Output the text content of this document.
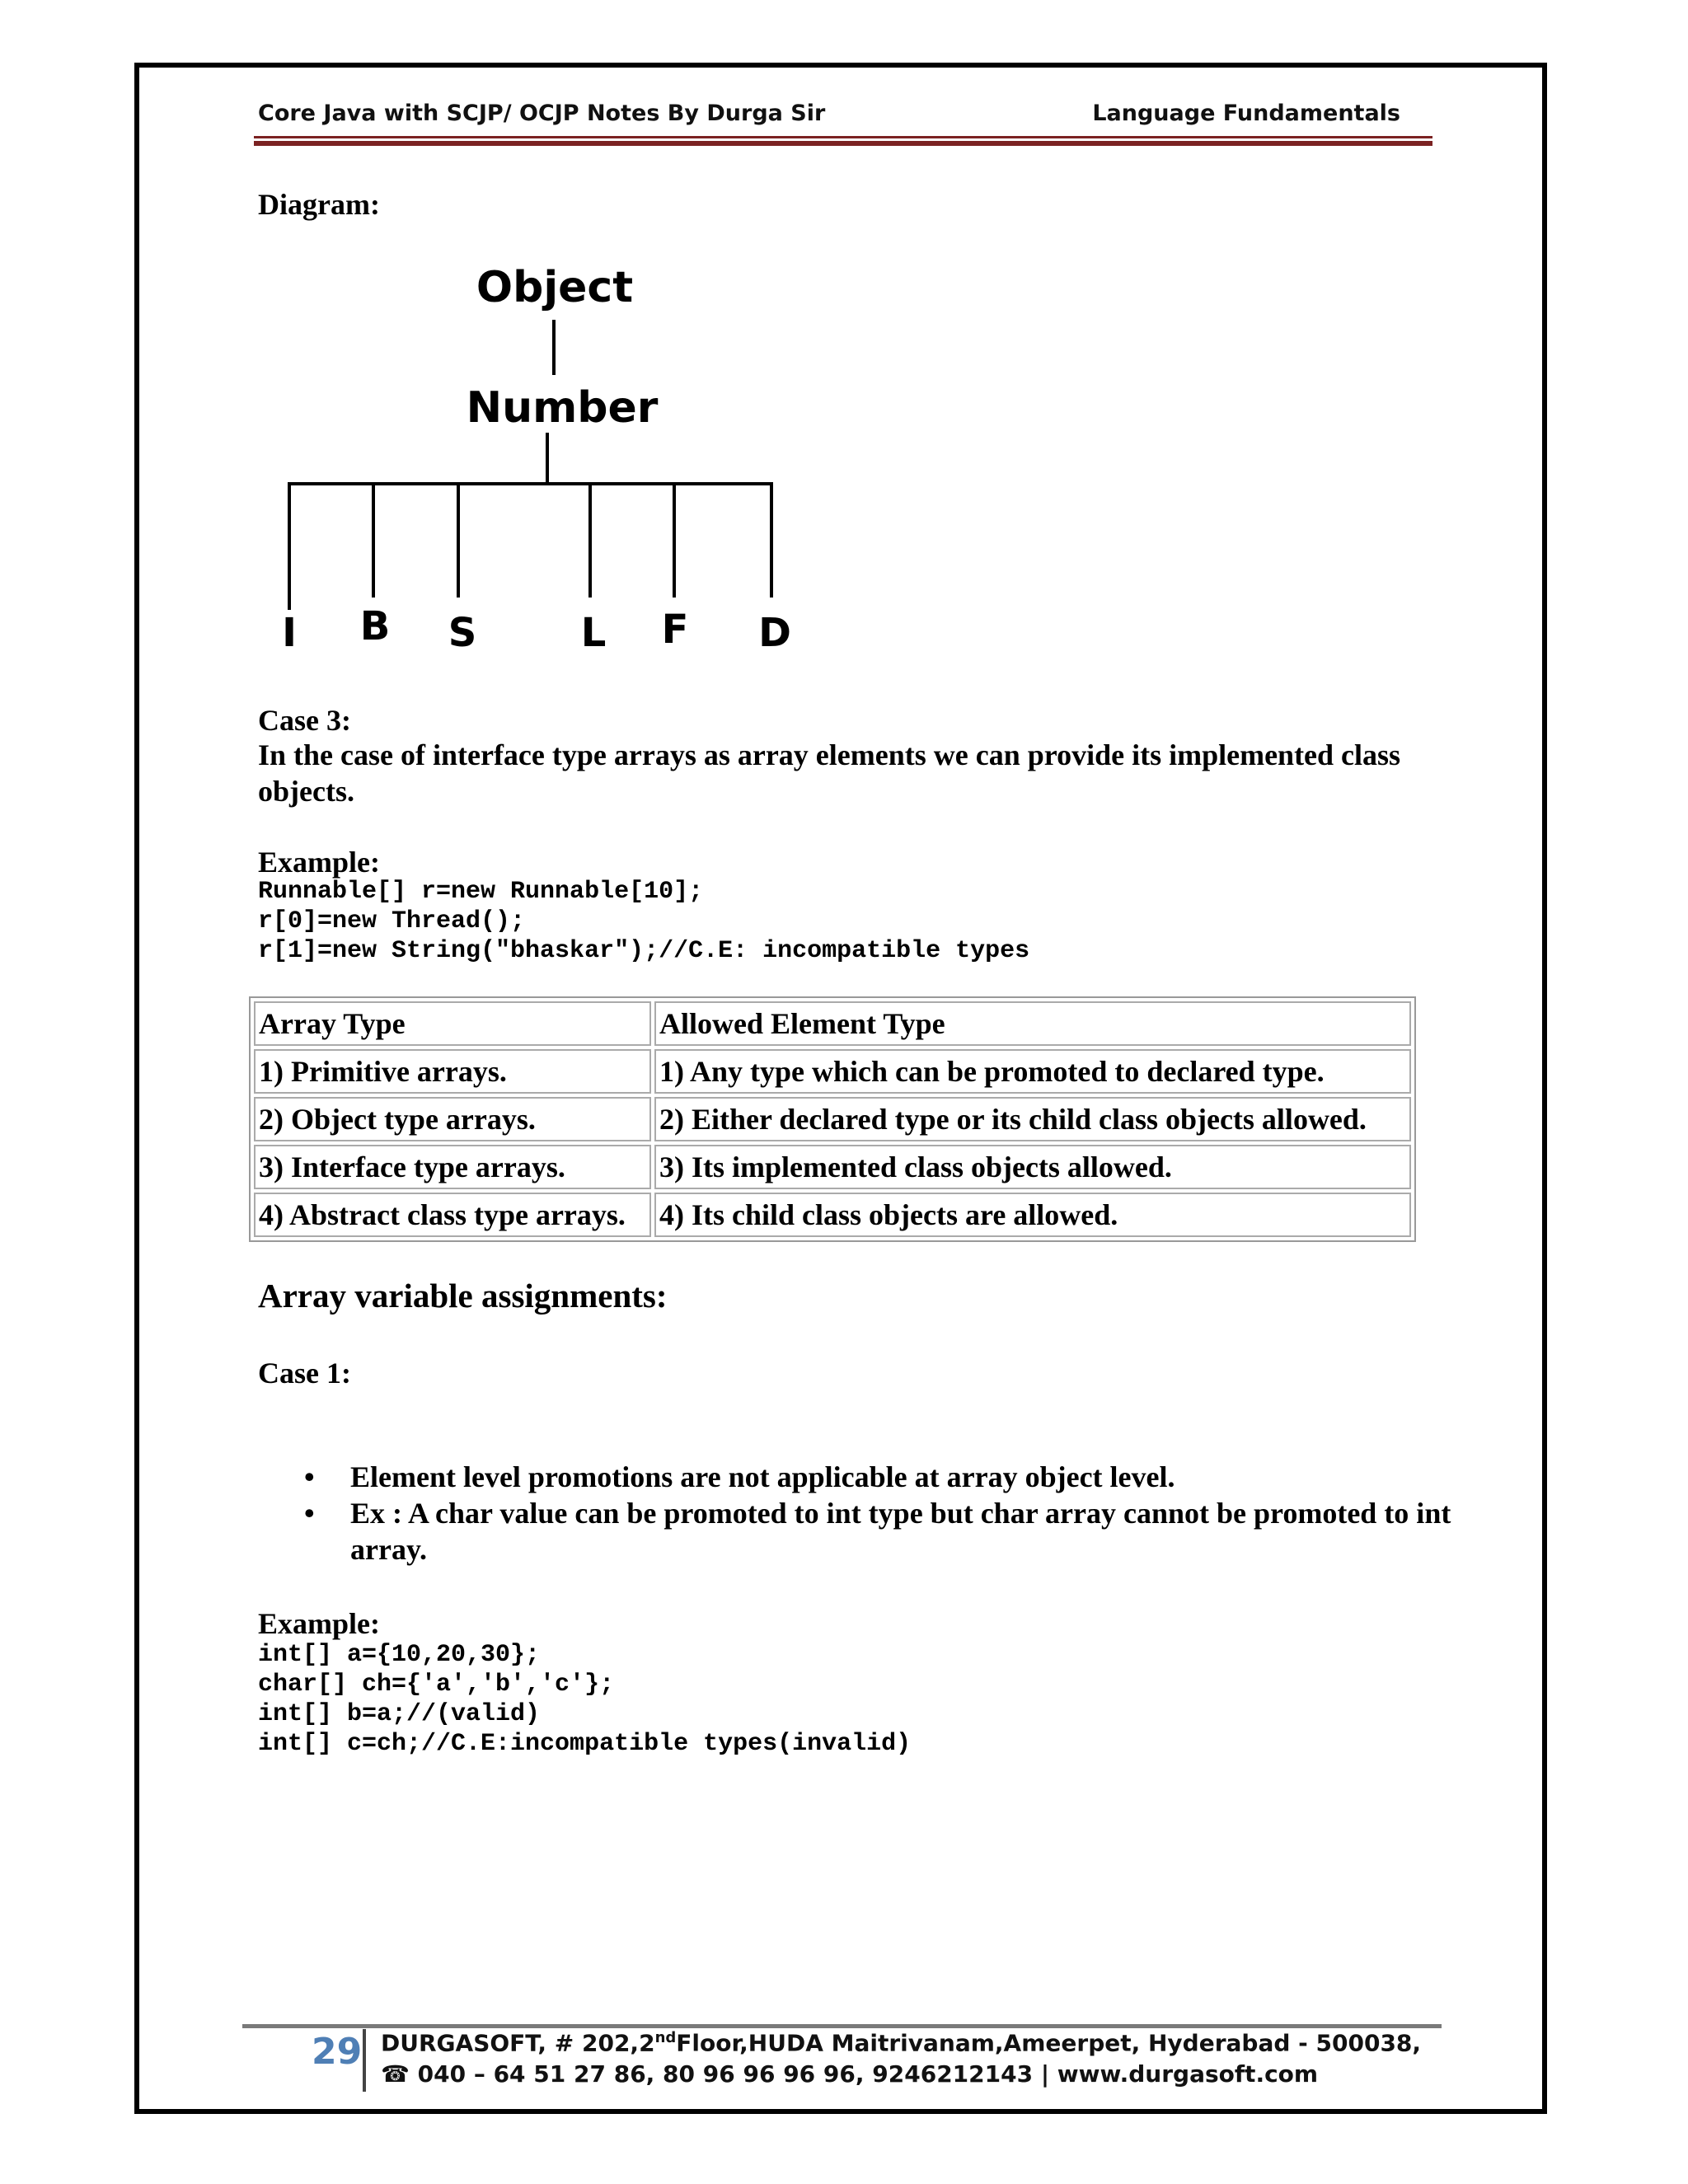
Core Java with SCJP/ OCJP Notes By Durga Sir	Language Fundamentals
Diagram:
Object
Number
I B S	L F D
Case 3:
In the case of interface type arrays as array elements we can provide its implemented class objects.
Example:
Runnable[] r=new Runnable[10];
r[0]=new Thread();
r[1]=new String("bhaskar");//C.E: incompatible types
Array Type	Allowed Element Type
1) Primitive arrays.	1) Any type which can be promoted to declared type.
2) Object type arrays.	2) Either declared type or its child class objects allowed.
3) Interface type arrays.	3) Its implemented class objects allowed.
4) Abstract class type arrays.	4) Its child class objects are allowed.
Array variable assignments:
Case 1:
• Element level promotions are not applicable at array object level.
• Ex : A char value can be promoted to int type but char array cannot be promoted to int array.
Example:
int[] a={10,20,30};
char[] ch={'a','b','c'};
int[] b=a;//(valid)
int[] c=ch;//C.E:incompatible types(invalid)
29 DURGASOFT, # 202,2ndFloor,HUDA Maitrivanam,Ameerpet, Hyderabad - 500038,
☎ 040 – 64 51 27 86, 80 96 96 96 96, 9246212143 | www.durgasoft.com
